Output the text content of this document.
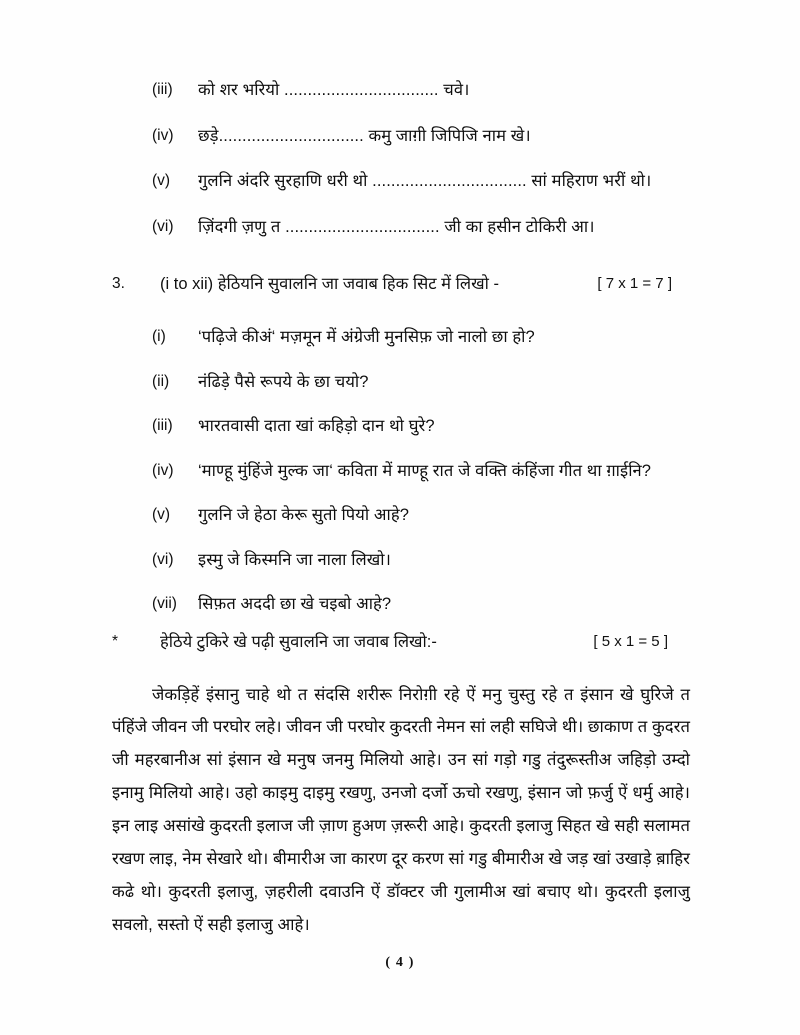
(iii)	को शर भरियो ................................. चवे।
(iv)	छड़े............................... कमु जाग़ी जिपिजि नाम खे।
(v)	गुलनि अंदरि सुरहाणि धरी थो ................................. सां महिराण भरीं थो।
(vi)	ज़िंदगी ज़णु त ................................. जी का हसीन टोकिरी आ।
3.	(i to xii) हेठियनि सुवालनि जा जवाब हिक सिट में लिखो -	[ 7 x 1 = 7 ]
(i)	‘पढ़िजे कीअं‘ मज़मून में अंग्रेजी मुनसिफ़ जो नालो छा हो?
(ii)	नंढिड़े पैसे रूपये के छा चयो?
(iii)	भारतवासी दाता खां कहिड़ो दान थो घुरे?
(iv)	‘माण्हू मुंहिंजे मुल्क जा‘ कविता में माण्हू रात जे वक्ति कंहिंजा गीत था ग़ाईनि?
(v)	गुलनि जे हेठा केरू सुतो पियो आहे?
(vi)	इस्मु जे किस्मनि जा नाला लिखो।
(vii)	सिफ़त अददी छा खे चइबो आहे?
*	हेठिये टुकिरे खे पढ़ी सुवालनि जा जवाब लिखो:-	[ 5 x 1 = 5 ]

जेकड़िहें इंसानु चाहे थो त संदसि शरीरू निरोग़ी रहे ऐं मनु चुस्तु रहे त इंसान खे घुरिजे त पंहिंजे जीवन जी परघोर लहे। जीवन जी परघोर कुदरती नेमन सां लही सघिजे थी। छाकाण त कुदरत जी महरबानीअ सां इंसान खे मनुष जनमु मिलियो आहे। उन सां गड़ो गडु तंदुरूस्तीअ जहिड़ो उम्दो इनामु मिलियो आहे। उहो काइमु दाइमु रखणु, उनजो दर्जो ऊचो रखणु, इंसान जो फ़र्जु ऐं धर्मु आहे। इन लाइ असांखे कुदरती इलाज जी ज़ाण हुअण ज़रूरी आहे। कुदरती इलाजु सिहत खे सही सलामत रखण लाइ, नेम सेखारे थो। बीमारीअ जा कारण दूर करण सां गडु बीमारीअ खे जड़ खां उखाड़े ब़ाहिर कढे थो। कुदरती इलाजु, ज़हरीली दवाउनि ऐं डॉक्टर जी गुलामीअ खां बचाए थो। कुदरती इलाजु सवलो, सस्तो ऐं सही इलाजु आहे।

( 4 )
